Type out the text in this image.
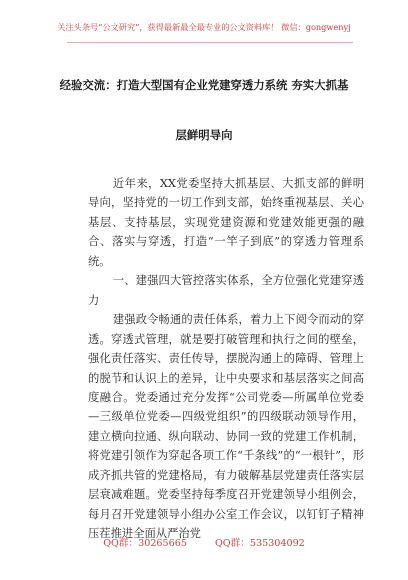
关注头条号“公文研究”，获得最新最全最专业的公文资料库！ 微信：gongwenyj
经验交流：打造大型国有企业党建穿透力系统 夯实大抓基
层鲜明导向

近年来，XX党委坚持大抓基层、大抓支部的鲜明导向，坚持党的一切工作到支部，始终重视基层、关心基层、支持基层，实现党建资源和党建效能更强的融合、落实与穿透，打造“一竿子到底”的穿透力管理系统。

一、建强四大管控落实体系，全方位强化党建穿透力

建强政令畅通的责任体系，着力上下阅令而动的穿透。穿透式管理，就是要打破管理和执行之间的壁垒，强化责任落实、责任传导，摆脱沟通上的障碍、管理上的脱节和认识上的差异，让中央要求和基层落实之间高度融合。党委通过充分发挥“公司党委—所属单位党委—三级单位党委—四级党组织”的四级联动领导作用，建立横向拉通、纵向联动、协同一致的党建工作机制，将党建引领作为穿起各项工作“千条线”的“一根针”，形成齐抓共管的党建格局，有力破解基层党建责任落实层层衰减难题。党委坚持每季度召开党建领导小组例会，每月召开党建领导小组办公室工作会议，以钉钉子精神压茬推进全面从严治党

QQ群：30265665	QQ群：535304092
